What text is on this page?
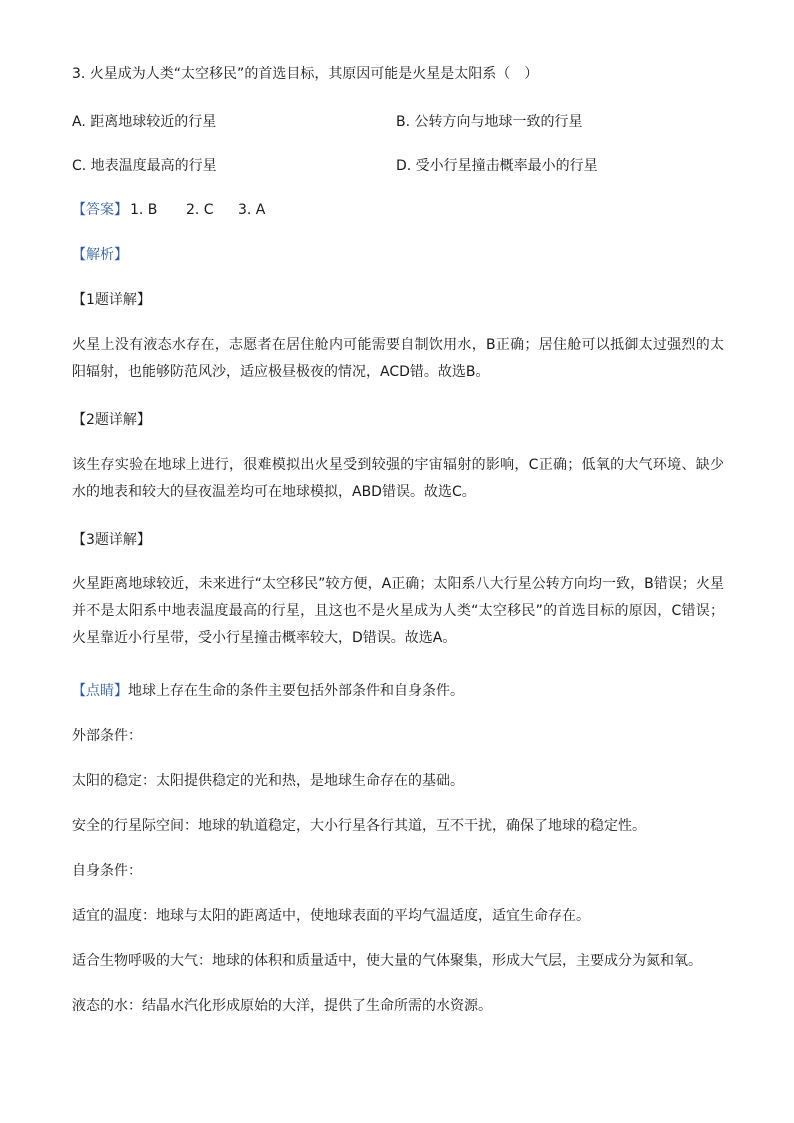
3. 火星成为人类“太空移民”的首选目标，其原因可能是火星是太阳系（　）
A. 距离地球较近的行星	B. 公转方向与地球一致的行星
C. 地表温度最高的行星	D. 受小行星撞击概率最小的行星
【答案】 1. B 2. C 3. A
【解析】
【1题详解】
火星上没有液态水存在，志愿者在居住舱内可能需要自制饮用水，B正确；居住舱可以抵御太过强烈的太阳辐射，也能够防范风沙，适应极昼极夜的情况，ACD错。故选B。
【2题详解】
该生存实验在地球上进行，很难模拟出火星受到较强的宇宙辐射的影响，C正确；低氧的大气环境、缺少水的地表和较大的昼夜温差均可在地球模拟，ABD错误。故选C。
【3题详解】
火星距离地球较近，未来进行“太空移民”较方便，A正确；太阳系八大行星公转方向均一致，B错误；火星并不是太阳系中地表温度最高的行星，且这也不是火星成为人类“太空移民”的首选目标的原因，C错误；火星靠近小行星带，受小行星撞击概率较大，D错误。故选A。
【点睛】地球上存在生命的条件主要包括外部条件和自身条件。
外部条件：
太阳的稳定：太阳提供稳定的光和热，是地球生命存在的基础。
安全的行星际空间：地球的轨道稳定，大小行星各行其道，互不干扰，确保了地球的稳定性。
自身条件：
适宜的温度：地球与太阳的距离适中，使地球表面的平均气温适度，适宜生命存在。
适合生物呼吸的大气：地球的体积和质量适中，使大量的气体聚集，形成大气层，主要成分为氮和氧。
液态的水：结晶水汽化形成原始的大洋，提供了生命所需的水资源。
